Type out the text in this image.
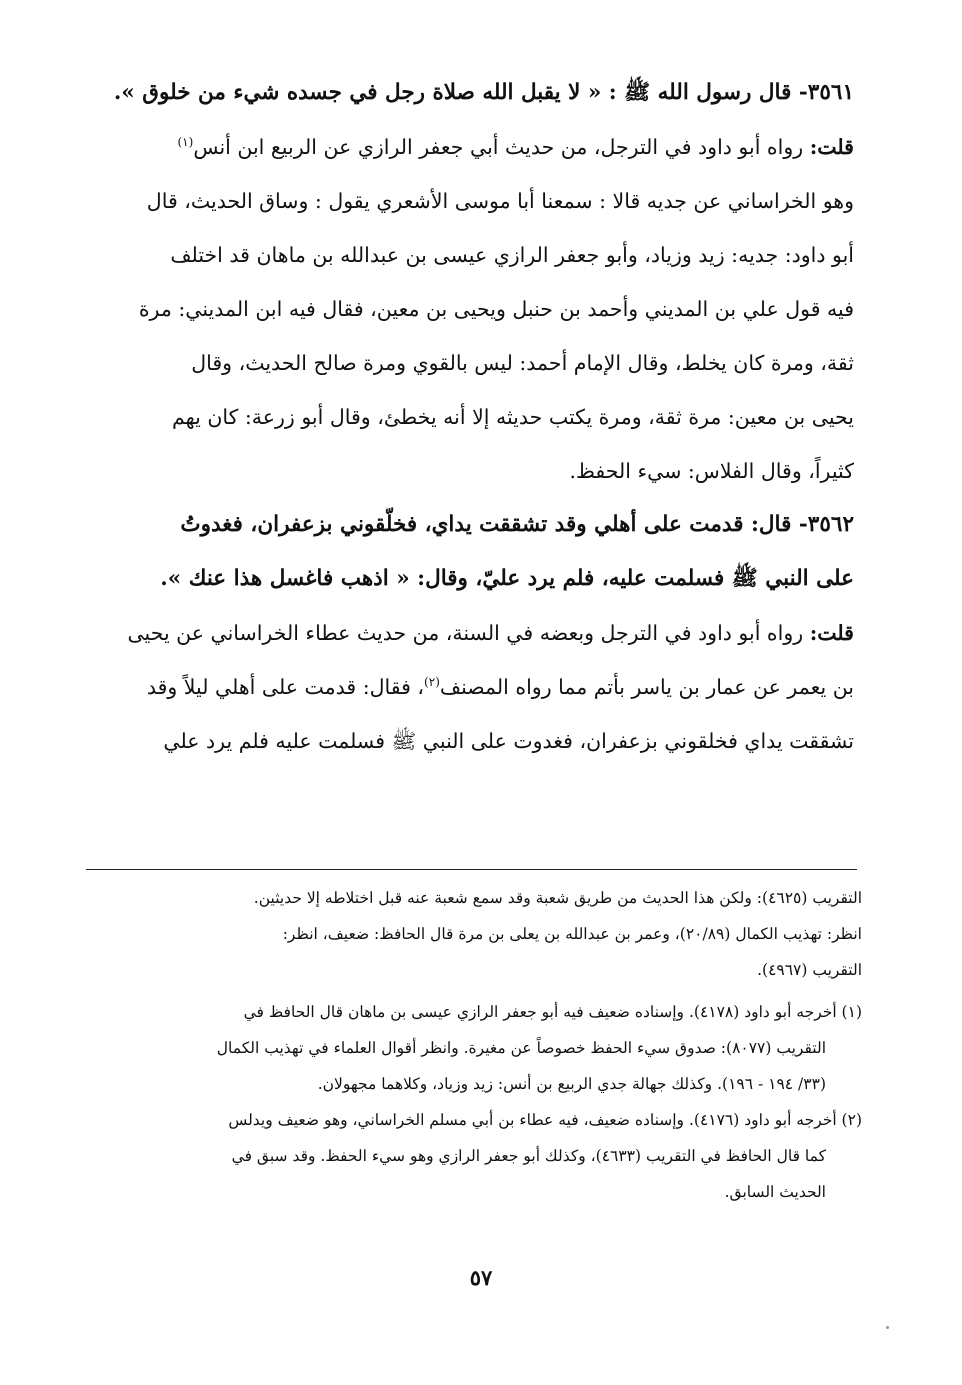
٣٥٦١- قال رسول الله ﷺ : « لا يقبل الله صلاة رجل في جسده شيء من خلوق ».
قلت: رواه أبو داود في الترجل، من حديث أبي جعفر الرازي عن الربيع ابن أنس$^{(١)}$
وهو الخراساني عن جديه قالا : سمعنا أبا موسى الأشعري يقول : وساق الحديث، قال
أبو داود: جديه: زيد وزياد، وأبو جعفر الرازي عيسى بن عبدالله بن ماهان قد اختلف
فيه قول علي بن المديني وأحمد بن حنبل ويحيى بن معين، فقال فيه ابن المديني: مرة
ثقة، ومرة كان يخلط، وقال الإمام أحمد: ليس بالقوي ومرة صالح الحديث، وقال
يحيى بن معين: مرة ثقة، ومرة يكتب حديثه إلا أنه يخطئ، وقال أبو زرعة: كان يهم
كثيراً، وقال الفلاس: سيء الحفظ.
٣٥٦٢- قال: قدمت على أهلي وقد تشققت يداي، فخلّقوني بزعفران، فغدوتُ
على النبي ﷺ فسلمت عليه، فلم يرد عليّ، وقال: « اذهب فاغسل هذا عنك ».
قلت: رواه أبو داود في الترجل وبعضه في السنة، من حديث عطاء الخراساني عن يحيى
بن يعمر عن عمار بن ياسر بأتم مما رواه المصنف$^{(٢)}$، فقال: قدمت على أهلي ليلاً وقد
تشققت يداي فخلقوني بزعفران، فغدوت على النبي ﷺ فسلمت عليه فلم يرد علي
التقريب (٤٦٢٥): ولكن هذا الحديث من طريق شعبة وقد سمع شعبة عنه قبل اختلاطه إلا حديثين.
انظر: تهذيب الكمال (٢٠/٨٩)، وعمر بن عبدالله بن يعلى بن مرة قال الحافظ: ضعيف، انظر:
التقريب (٤٩٦٧).
(١) أخرجه أبو داود (٤١٧٨). وإسناده ضعيف فيه أبو جعفر الرازي عيسى بن ماهان قال الحافظ في
التقريب (٨٠٧٧): صدوق سيء الحفظ خصوصاً عن مغيرة. وانظر أقوال العلماء في تهذيب الكمال
(٣٣/ ١٩٤ - ١٩٦). وكذلك جهالة جدي الربيع بن أنس: زيد وزياد، وكلاهما مجهولان.
(٢) أخرجه أبو داود (٤١٧٦). وإسناده ضعيف، فيه عطاء بن أبي مسلم الخراساني، وهو ضعيف ويدلس
كما قال الحافظ في التقريب (٤٦٣٣)، وكذلك أبو جعفر الرازي وهو سيء الحفظ. وقد سبق في
الحديث السابق.
٥٧
